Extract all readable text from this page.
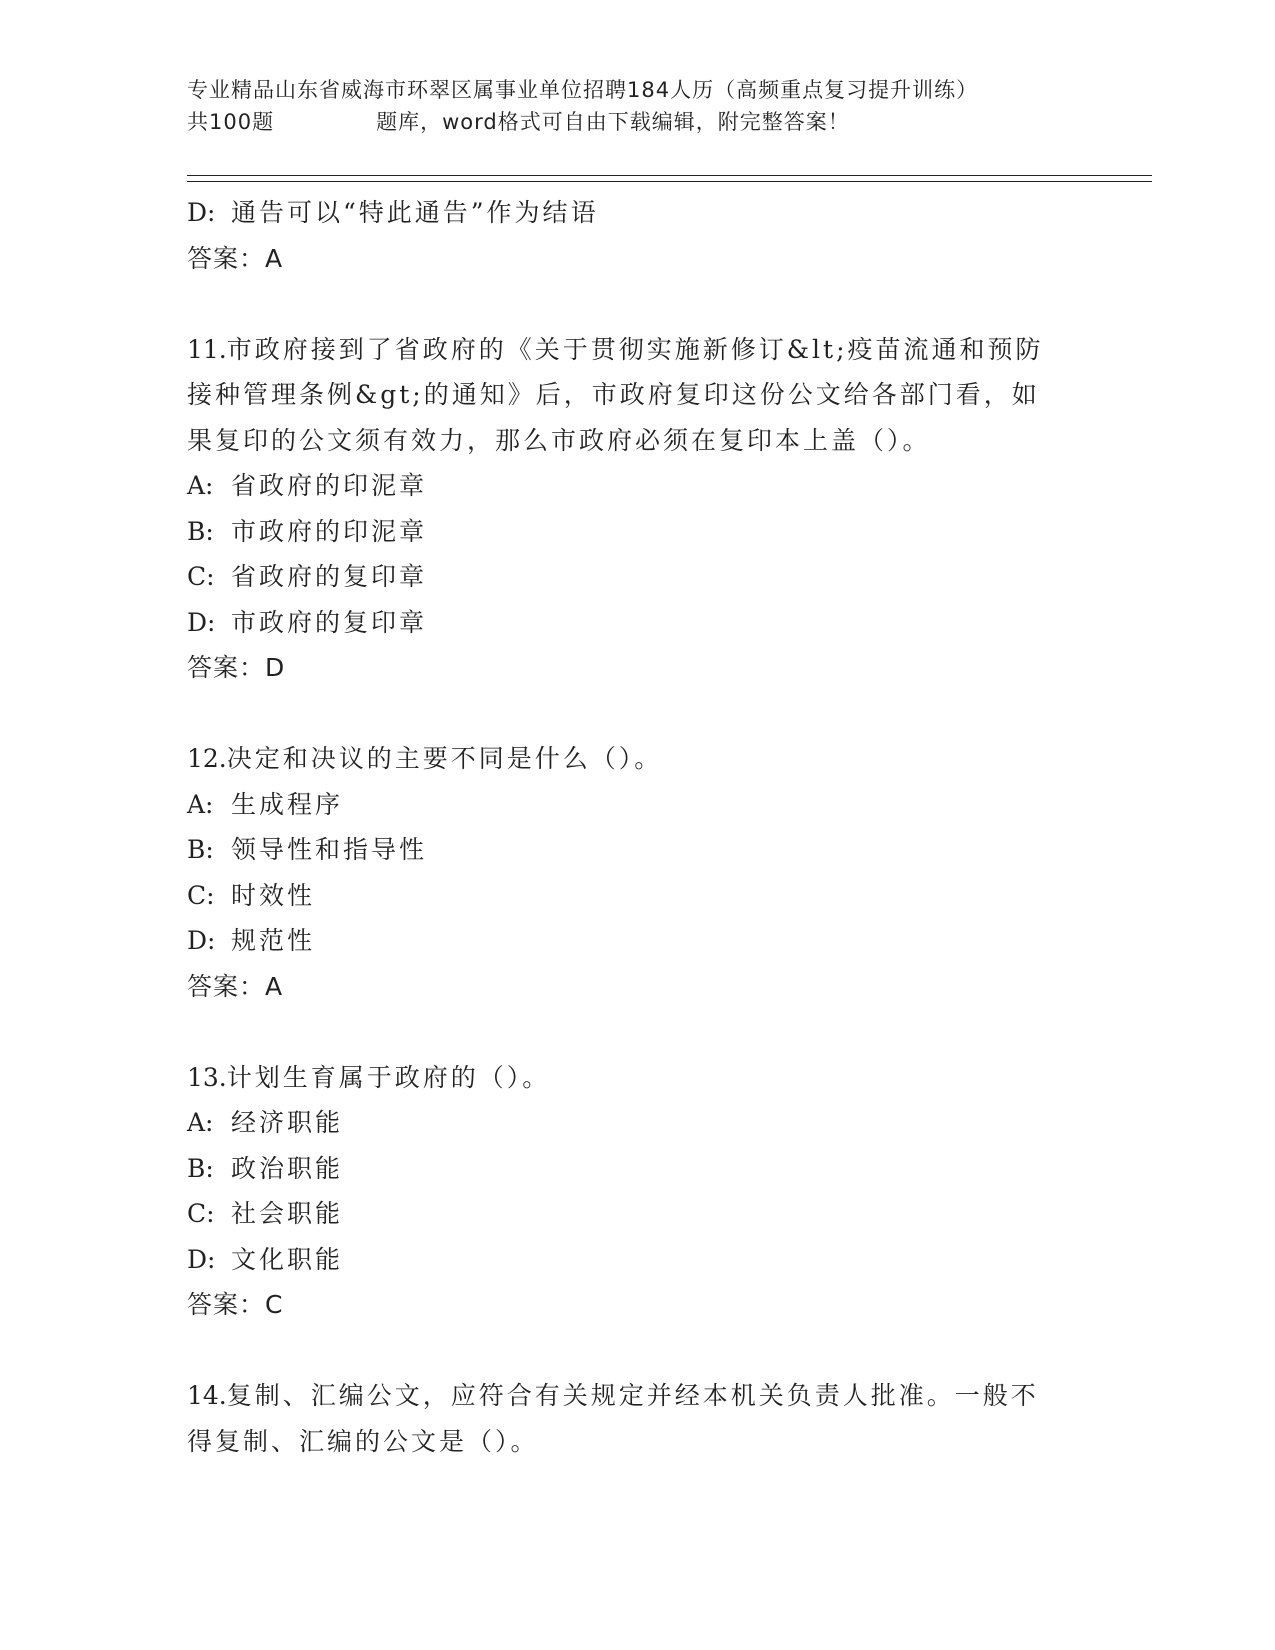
专业精品山东省威海市环翠区属事业单位招聘184人历（高频重点复习提升训练）
共100题	题库，word格式可自由下载编辑，附完整答案！
D: 通告可以“特此通告”作为结语
答案：A
11.市政府接到了省政府的《关于贯彻实施新修订&lt;疫苗流通和预防
接种管理条例&gt;的通知》后，市政府复印这份公文给各部门看，如
果复印的公文须有效力，那么市政府必须在复印本上盖（）。
A: 省政府的印泥章
B: 市政府的印泥章
C: 省政府的复印章
D: 市政府的复印章
答案：D
12.决定和决议的主要不同是什么（）。
A: 生成程序
B: 领导性和指导性
C: 时效性
D: 规范性
答案：A
13.计划生育属于政府的（）。
A: 经济职能
B: 政治职能
C: 社会职能
D: 文化职能
答案：C
14.复制、汇编公文，应符合有关规定并经本机关负责人批准。一般不
得复制、汇编的公文是（）。
